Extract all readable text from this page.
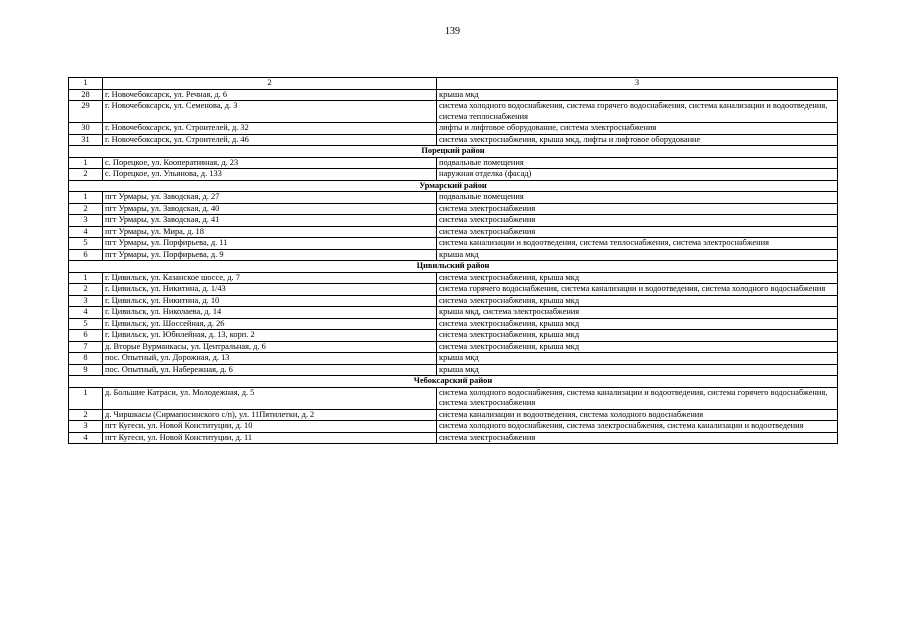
139
1	2	3
28	г. Новочебоксарск, ул. Речная, д. 6	крыша мкд
29	г. Новочебоксарск, ул. Семенова, д. 3	система холодного водоснабжения, система горячего водоснабжения, система канализации и водоотведения, система теплоснабжения
30	г. Новочебоксарск, ул. Строителей, д. 32	лифты и лифтовое оборудование, система электроснабжения
31	г. Новочебоксарск, ул. Строителей, д. 46	система электроснабжения, крыша мкд, лифты и лифтовое оборудование
Порецкий район		
1	с. Порецкое, ул. Кооперативная, д. 23	подвальные помещения
2	с. Порецкое, ул. Ульянова, д. 133	наружная отделка (фасад)
Урмарский район		
1	пгт Урмары, ул. Заводская, д. 27	подвальные помещения
2	пгт Урмары, ул. Заводская, д. 40	система электроснабжения
3	пгт Урмары, ул. Заводская, д. 41	система электроснабжения
4	пгт Урмары, ул. Мира, д. 18	система электроснабжения
5	пгт Урмары, ул. Порфирьева, д. 11	система канализации и водоотведения, система теплоснабжения, система электроснабжения
6	пгт Урмары, ул. Порфирьева, д. 9	крыша мкд
Цивильский район		
1	г. Цивильск, ул. Казанское шоссе, д. 7	система электроснабжения, крыша мкд
2	г. Цивильск, ул. Никитина, д. 1/43	система горячего водоснабжения, система канализации и водоотведения, система холодного водоснабжения
3	г. Цивильск, ул. Никитина, д. 10	система электроснабжения, крыша мкд
4	г. Цивильск, ул. Николаева, д. 14	крыша мкд, система электроснабжения
5	г. Цивильск, ул. Шоссейная, д. 26	система электроснабжения, крыша мкд
6	г. Цивильск, ул. Юбилейная, д. 13, корп. 2	система электроснабжения, крыша мкд
7	д. Вторые Вурманкасы, ул. Центральная, д. 6	система электроснабжения, крыша мкд
8	пос. Опытный, ул. Дорожная, д. 13	крыша мкд
9	пос. Опытный, ул. Набережная, д. 6	крыша мкд
Чебоксарский район		
1	д. Большие Катраси, ул. Молодежная, д. 5	система холодного водоснабжения, система канализации и водоотведения, система горячего водоснабжения, система электроснабжения
2	д. Чиршкасы (Сирмапосинского с/п), ул. 11Пятилетки, д. 2	система канализации и водоотведения, система холодного водоснабжения
3	пгт Кугеси, ул. Новой Конституции, д. 10	система холодного водоснабжения, система электроснабжения, система канализации и водоотведения
4	пгт Кугеси, ул. Новой Конституции, д. 11	система электроснабжения
